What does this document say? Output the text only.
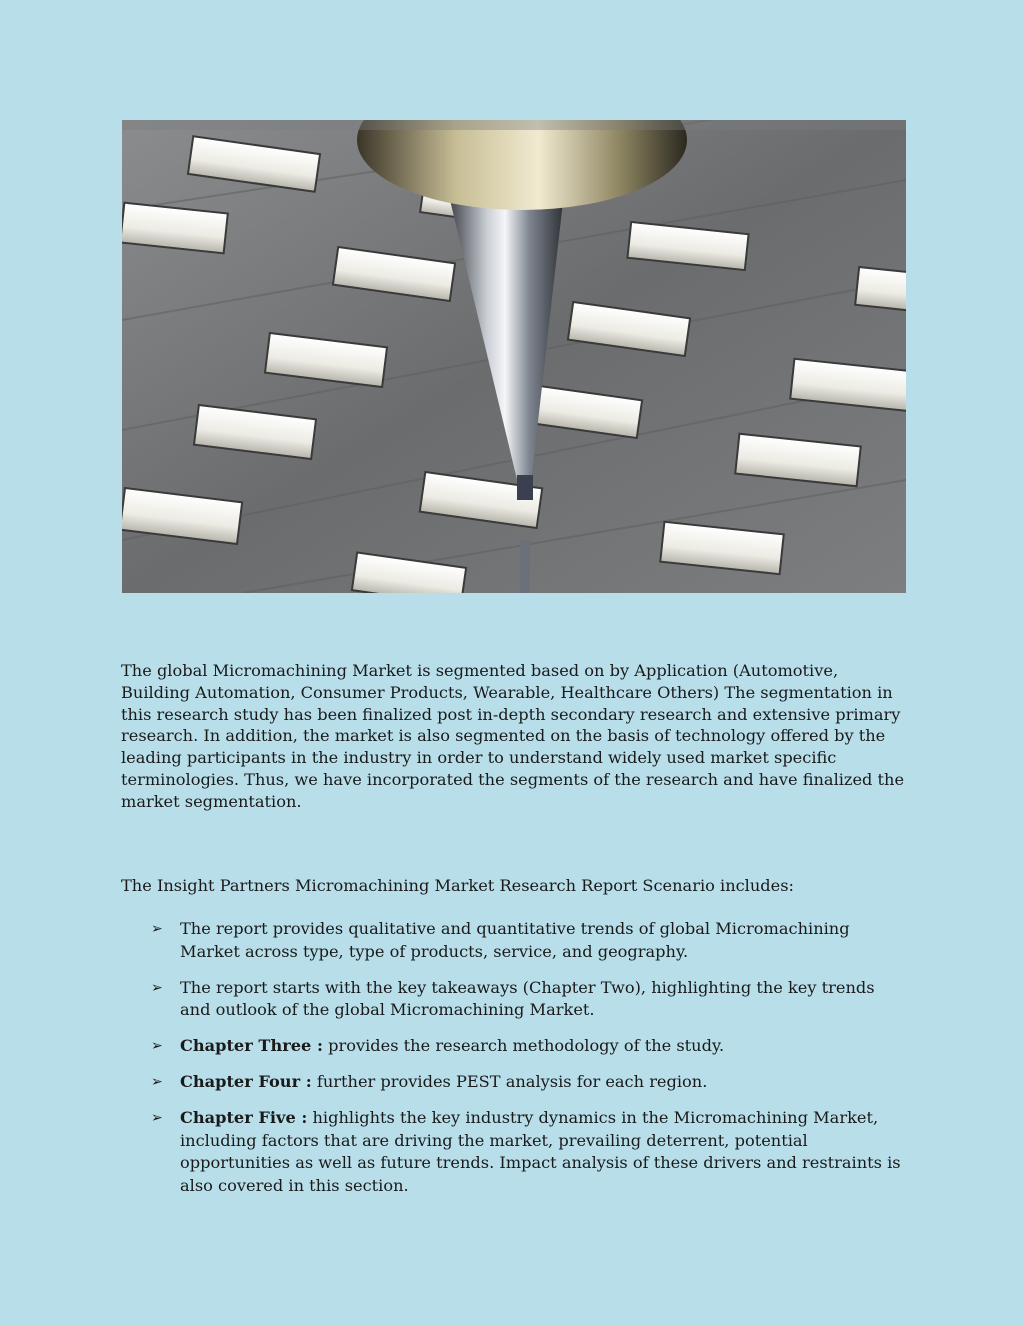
The global Micromachining Market is segmented based on by Application (Automotive, Building Automation, Consumer Products, Wearable, Healthcare Others) The segmentation in this research study has been finalized post in-depth secondary research and extensive primary research. In addition, the market is also segmented on the basis of technology offered by the leading participants in the industry in order to understand widely used market specific terminologies. Thus, we have incorporated the segments of the research and have finalized the market segmentation.

The Insight Partners Micromachining Market Research Report Scenario includes:

➢ The report provides qualitative and quantitative trends of global Micromachining Market across type, type of products, service, and geography.
➢ The report starts with the key takeaways (Chapter Two), highlighting the key trends and outlook of the global Micromachining Market.
➢ Chapter Three : provides the research methodology of the study.
➢ Chapter Four : further provides PEST analysis for each region.
➢ Chapter Five : highlights the key industry dynamics in the Micromachining Market, including factors that are driving the market, prevailing deterrent, potential opportunities as well as future trends. Impact analysis of these drivers and restraints is also covered in this section.
